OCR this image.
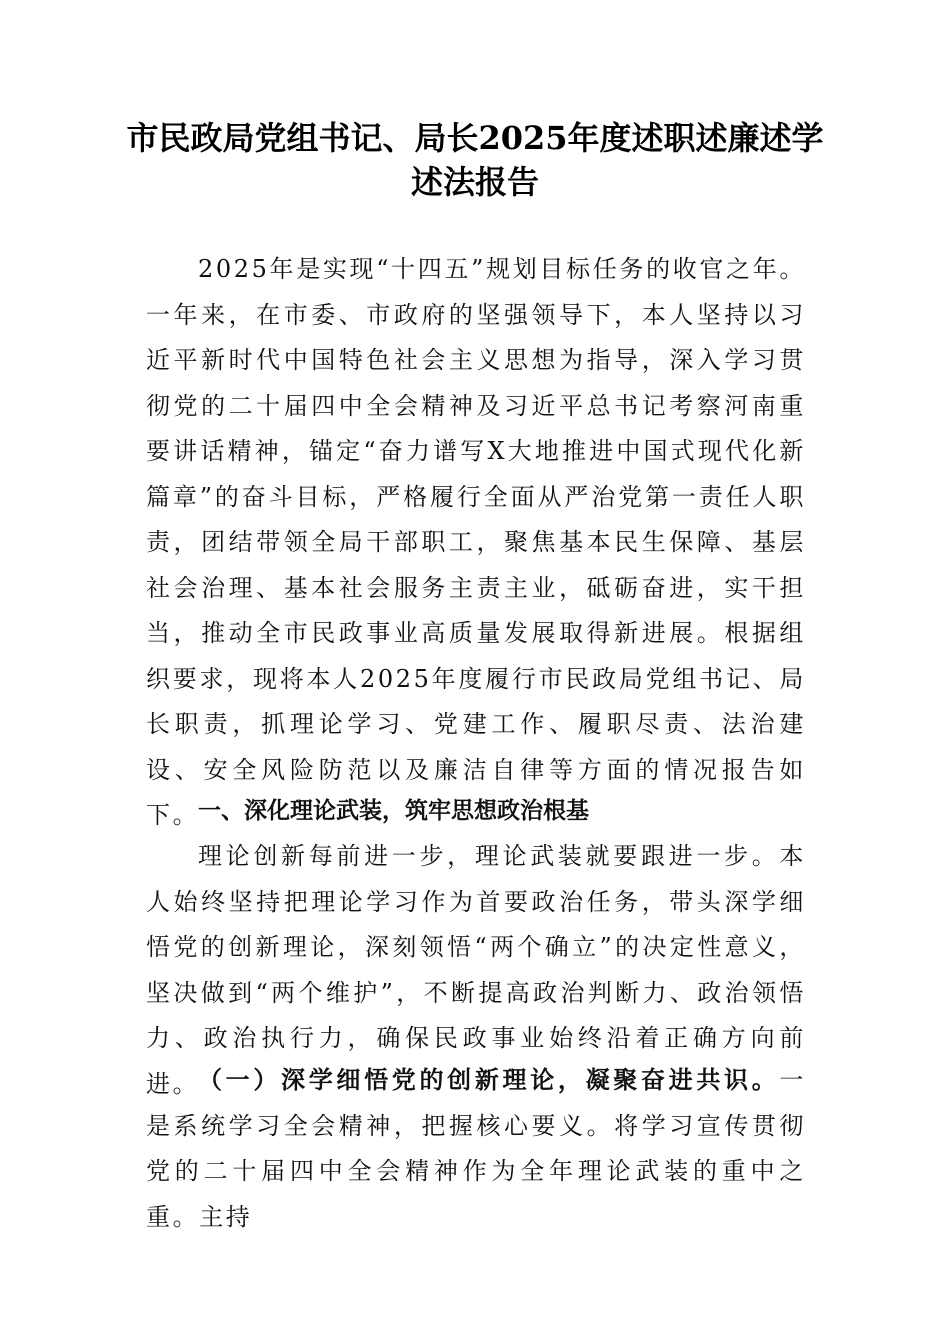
市民政局党组书记、局长2025年度述职述廉述学述法报告

2025年是实现“十四五”规划目标任务的收官之年。一年来，在市委、市政府的坚强领导下，本人坚持以习近平新时代中国特色社会主义思想为指导，深入学习贯彻党的二十届四中全会精神及习近平总书记考察河南重要讲话精神，锚定“奋力谱写X大地推进中国式现代化新篇章”的奋斗目标，严格履行全面从严治党第一责任人职责，团结带领全局干部职工，聚焦基本民生保障、基层社会治理、基本社会服务主责主业，砥砺奋进，实干担当，推动全市民政事业高质量发展取得新进展。根据组织要求，现将本人2025年度履行市民政局党组书记、局长职责，抓理论学习、党建工作、履职尽责、法治建设、安全风险防范以及廉洁自律等方面的情况报告如下。

一、深化理论武装，筑牢思想政治根基

理论创新每前进一步，理论武装就要跟进一步。本人始终坚持把理论学习作为首要政治任务，带头深学细悟党的创新理论，深刻领悟“两个确立”的决定性意义，坚决做到“两个维护”，不断提高政治判断力、政治领悟力、政治执行力，确保民政事业始终沿着正确方向前进。

（一）深学细悟党的创新理论，凝聚奋进共识。一是系统学习全会精神，把握核心要义。将学习宣传贯彻党的二十届四中全会精神作为全年理论武装的重中之重。主持
